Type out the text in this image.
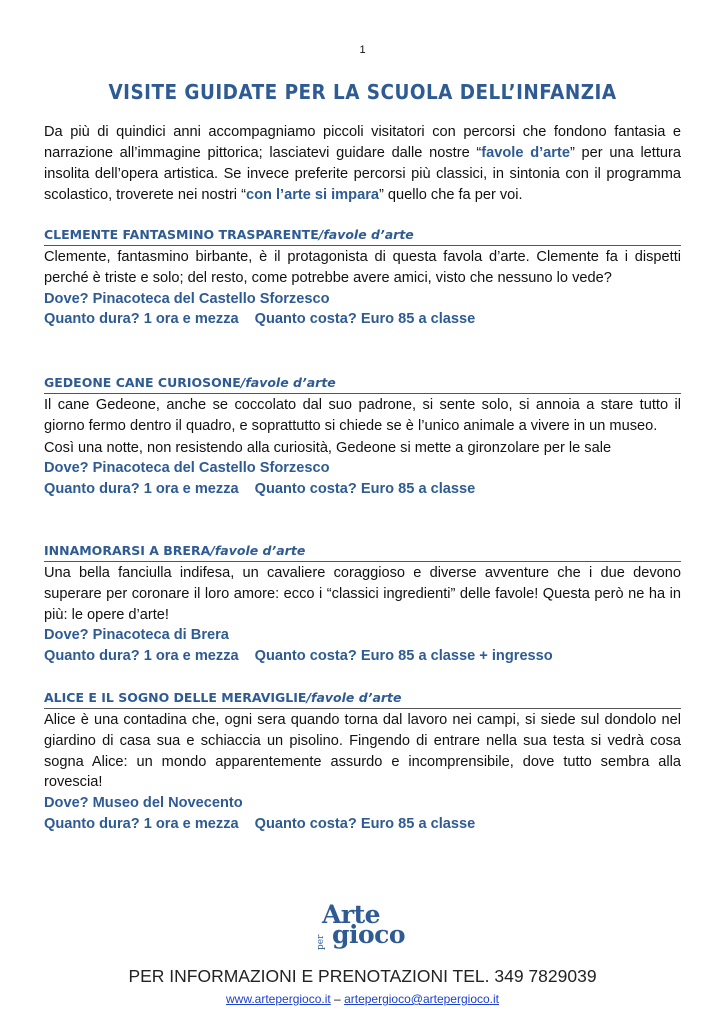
1
VISITE GUIDATE PER LA SCUOLA DELL’INFANZIA
Da più di quindici anni accompagniamo piccoli visitatori con percorsi che fondono fantasia e narrazione all’immagine pittorica; lasciatevi guidare dalle nostre “favole d’arte” per una lettura insolita dell’opera artistica. Se invece preferite percorsi più classici, in sintonia con il programma scolastico, troverete nei nostri “con l’arte si impara” quello che fa per voi.
CLEMENTE FANTASMINO TRASPARENTE/favole d’arte
Clemente, fantasmino birbante, è il protagonista di questa favola d’arte. Clemente fa i dispetti perché è triste e solo; del resto, come potrebbe avere amici, visto che nessuno lo vede?
Dove? Pinacoteca del Castello Sforzesco
Quanto dura? 1 ora e mezza Quanto costa? Euro 85 a classe
GEDEONE CANE CURIOSONE/favole d’arte
Il cane Gedeone, anche se coccolato dal suo padrone, si sente solo, si annoia a stare tutto il giorno fermo dentro il quadro, e soprattutto si chiede se è l’unico animale a vivere in un museo.
Così una notte, non resistendo alla curiosità, Gedeone si mette a gironzolare per le sale
Dove? Pinacoteca del Castello Sforzesco
Quanto dura? 1 ora e mezza Quanto costa? Euro 85 a classe
INNAMORARSI A BRERA/favole d’arte
Una bella fanciulla indifesa, un cavaliere coraggioso e diverse avventure che i due devono superare per coronare il loro amore: ecco i “classici ingredienti” delle favole! Questa però ne ha in più: le opere d’arte!
Dove? Pinacoteca di Brera
Quanto dura? 1 ora e mezza Quanto costa? Euro 85 a classe + ingresso
ALICE E IL SOGNO DELLE MERAVIGLIE/favole d’arte
Alice è una contadina che, ogni sera quando torna dal lavoro nei campi, si siede sul dondolo nel giardino di casa sua e schiaccia un pisolino. Fingendo di entrare nella sua testa si vedrà cosa sogna Alice: un mondo apparentemente assurdo e incomprensibile, dove tutto sembra alla rovescia!
Dove? Museo del Novecento
Quanto dura? 1 ora e mezza Quanto costa? Euro 85 a classe
Arte
per gioco
PER INFORMAZIONI E PRENOTAZIONI TEL. 349 7829039
www.artepergioco.it – artepergioco@artepergioco.it
